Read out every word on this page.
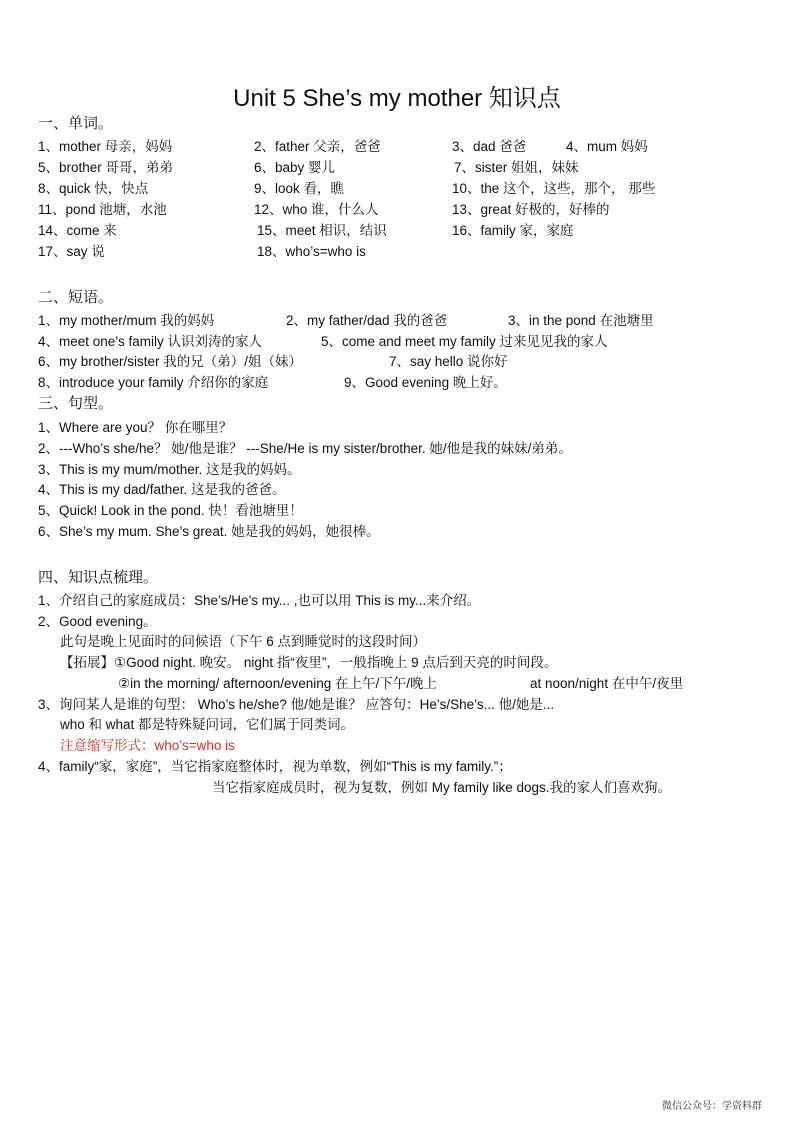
Unit 5 She’s my mother 知识点
一、单词。
1、mother 母亲，妈妈	2、father 父亲，爸爸	3、dad 爸爸	4、mum 妈妈
5、brother 哥哥，弟弟	6、baby 婴儿	7、sister 姐姐，妹妹
8、quick 快，快点	9、look 看，瞧	10、the 这个，这些，那个， 那些
11、pond 池塘，水池	12、who 谁，什么人	13、great 好极的，好棒的
14、come 来	15、meet 相识，结识	16、family 家，家庭
17、say 说	18、who’s=who is
二、短语。
1、my mother/mum 我的妈妈	2、my father/dad 我的爸爸	3、in the pond 在池塘里
4、meet one’s family 认识刘涛的家人	5、come and meet my family 过来见见我的家人
6、my brother/sister 我的兄（弟）/姐（妹）	7、say hello 说你好
8、introduce your family 介绍你的家庭	9、Good evening 晚上好。
三、句型。
1、Where are you？ 你在哪里？
2、---Who’s she/he？ 她/他是谁？ ---She/He is my sister/brother. 她/他是我的妹妹/弟弟。
3、This is my mum/mother. 这是我的妈妈。
4、This is my dad/father. 这是我的爸爸。
5、Quick! Look in the pond. 快！看池塘里！
6、She’s my mum. She’s great. 她是我的妈妈，她很棒。
四、知识点梳理。
1、介绍自己的家庭成员：She’s/He’s my... ,也可以用 This is my...来介绍。
2、Good evening。
此句是晚上见面时的问候语（下午 6 点到睡觉时的这段时间）
【拓展】①Good night. 晚安。 night 指“夜里”，一般指晚上 9 点后到天亮的时间段。
②in the morning/ afternoon/evening 在上午/下午/晚上	at noon/night 在中午/夜里
3、询问某人是谁的句型： Who’s he/she? 他/她是谁？ 应答句：He’s/She’s... 他/她是...
who 和 what 都是特殊疑问词，它们属于同类词。
注意缩写形式：who’s=who is
4、family“家，家庭”，当它指家庭整体时，视为单数，例如“This is my family.”；
当它指家庭成员时，视为复数，例如 My family like dogs.我的家人们喜欢狗。
微信公众号：学资料群
